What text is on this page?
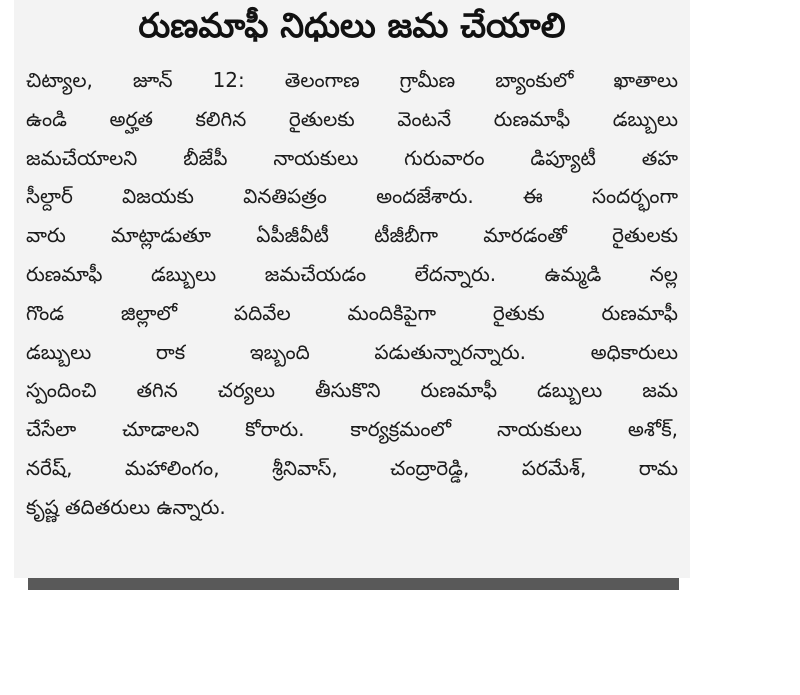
రుణమాఫీ నిధులు జమ చేయాలి
చిట్యాల, జూన్ 12: తెలంగాణ గ్రామీణ బ్యాంకులో ఖాతాలు
ఉండి అర్హత కలిగిన రైతులకు వెంటనే రుణమాఫీ డబ్బులు
జమచేయాలని బీజేపీ నాయకులు గురువారం డిప్యూటీ తహ
సీల్దార్ విజయకు వినతిపత్రం అందజేశారు. ఈ సందర్భంగా
వారు మాట్లాడుతూ ఏపీజీవీటీ టీజీబీగా మారడంతో రైతులకు
రుణమాఫీ డబ్బులు జమచేయడం లేదన్నారు. ఉమ్మడి నల్ల
గొండ జిల్లాలో పదివేల మందికిపైగా రైతుకు రుణమాఫీ
డబ్బులు రాక ఇబ్బంది పడుతున్నారన్నారు. అధికారులు
స్పందించి తగిన చర్యలు తీసుకొని రుణమాఫీ డబ్బులు జమ
చేసేలా చూడాలని కోరారు. కార్యక్రమంలో నాయకులు అశోక్,
నరేష్, మహాలింగం, శ్రీనివాస్, చంద్రారెడ్డి, పరమేశ్, రామ
కృష్ణ తదితరులు ఉన్నారు.
